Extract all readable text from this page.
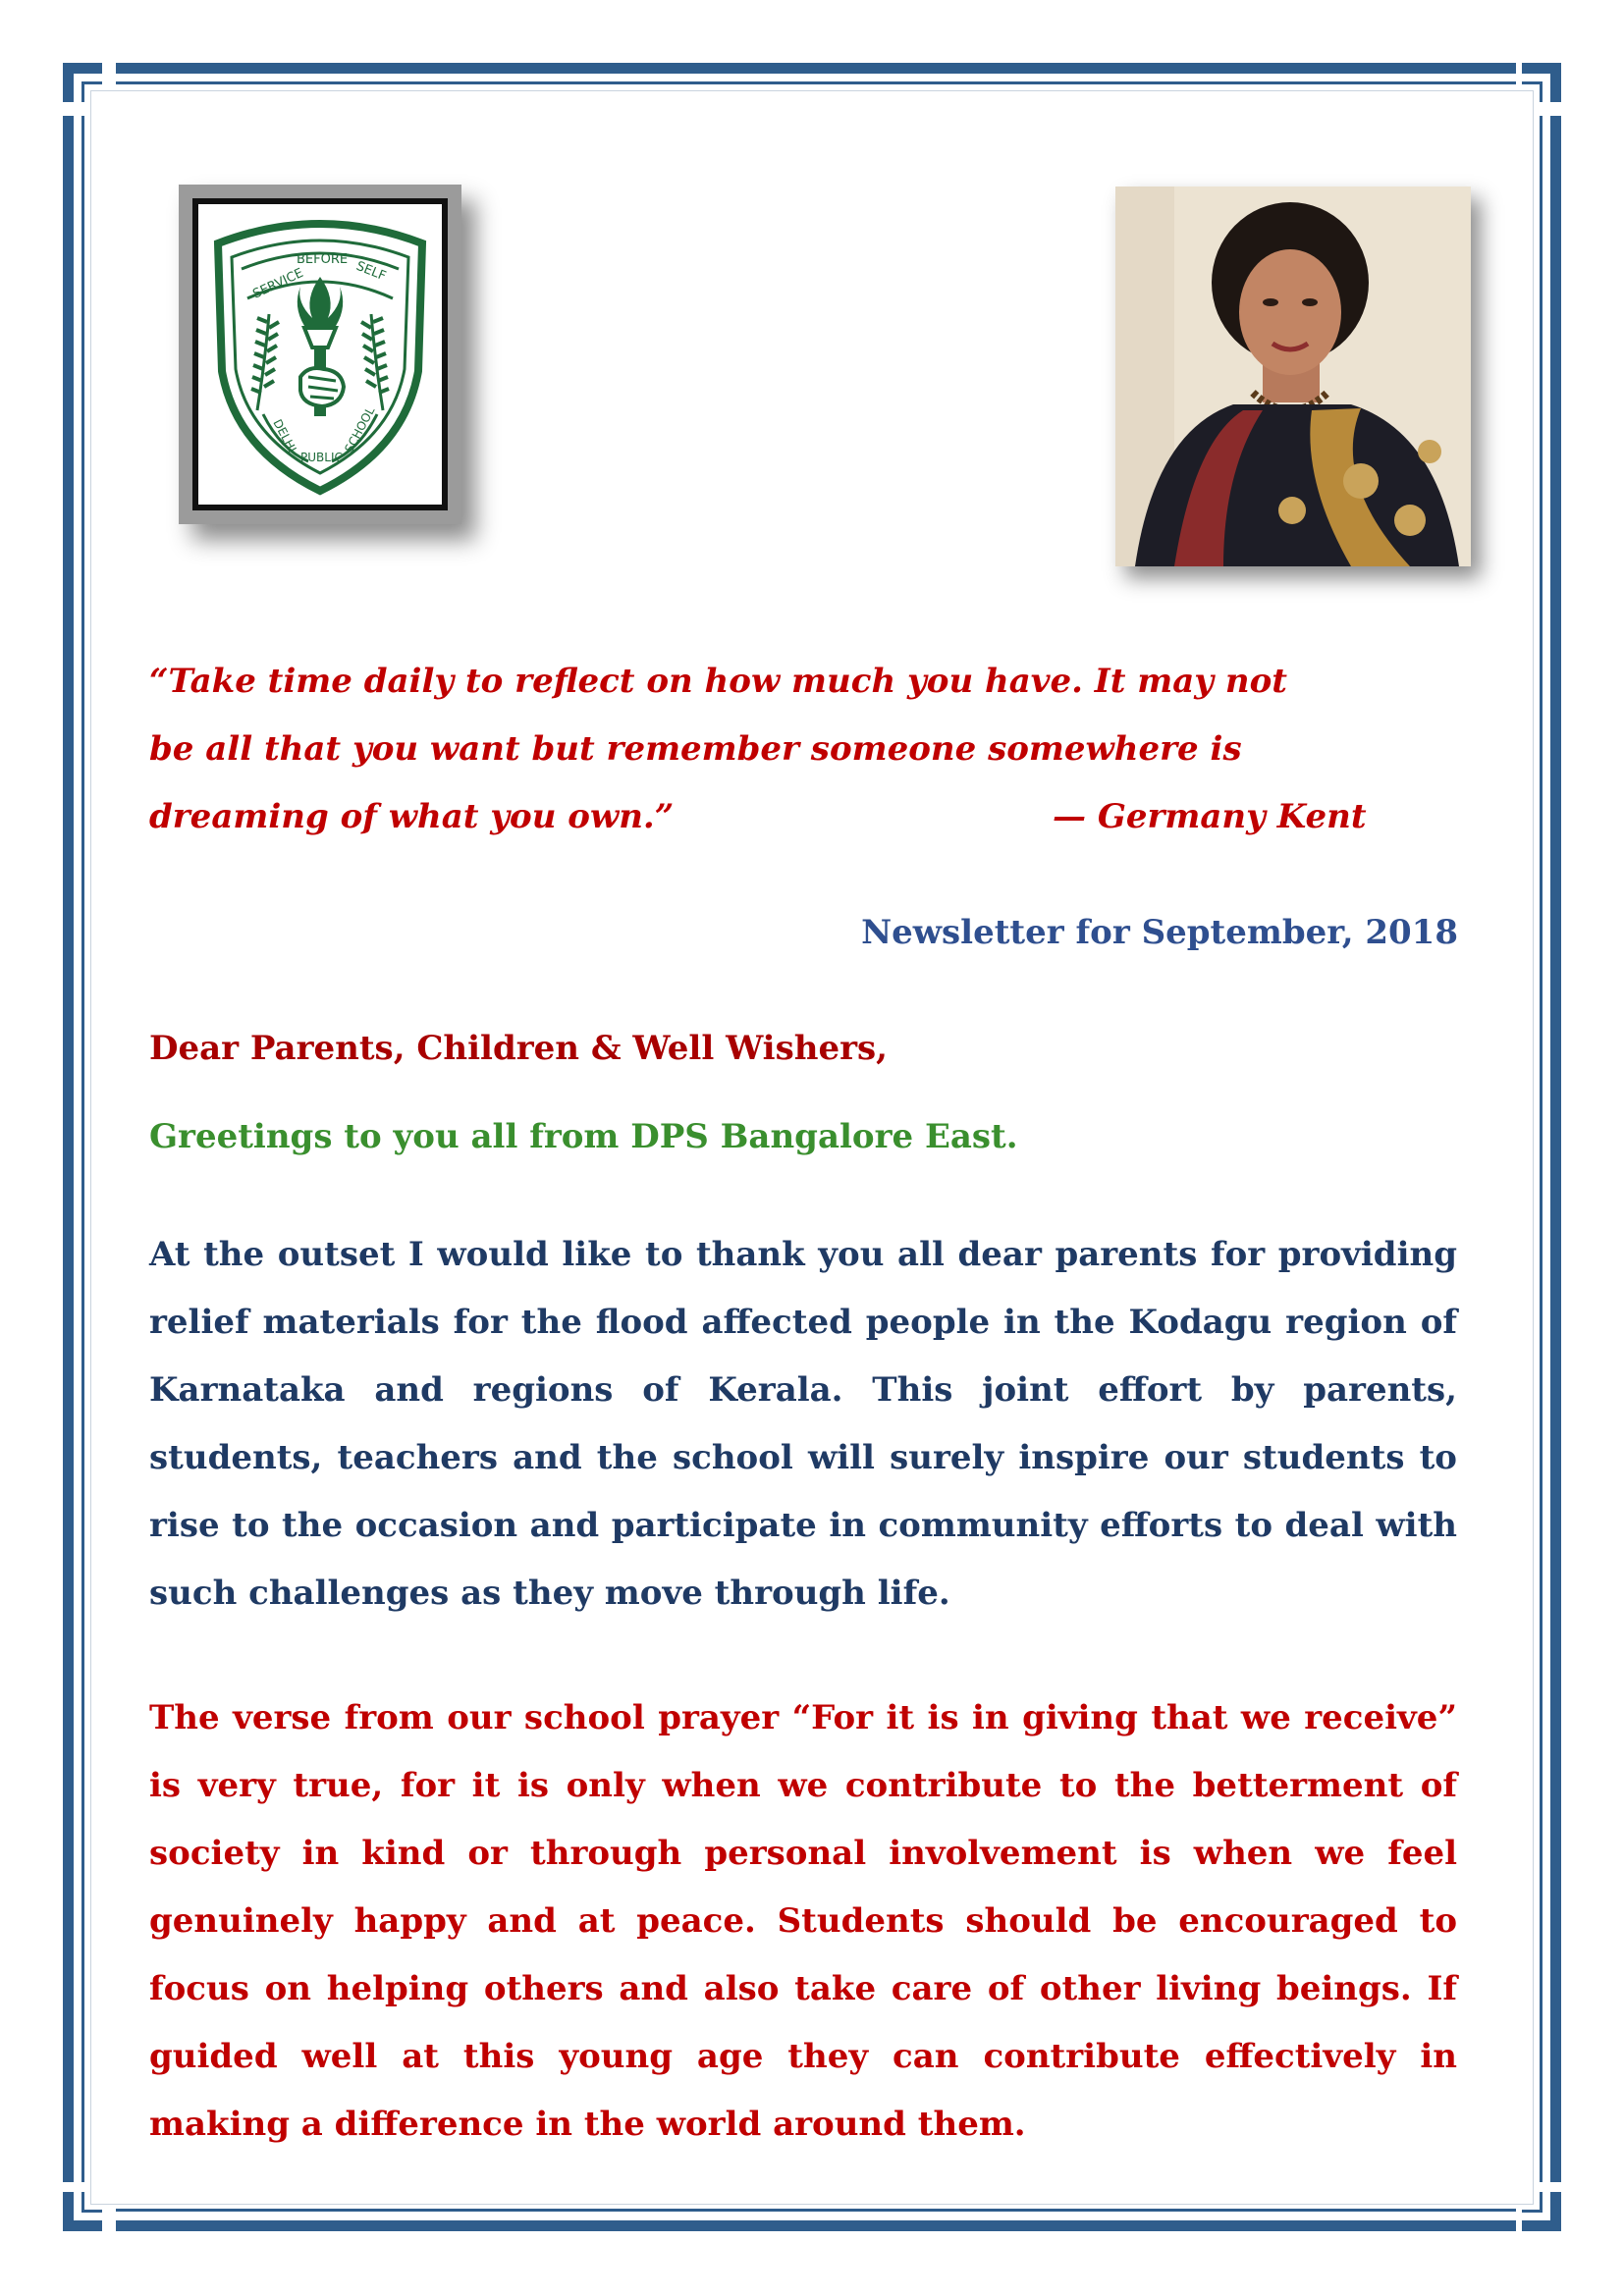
SERVICE
BEFORE SELF
DELHI
PUBLIC
SCHOOL
“Take time daily to reflect on how much you have. It may not
be all that you want but remember someone somewhere is
dreaming of what you own.”	— Germany Kent
Newsletter for September, 2018
Dear Parents, Children & Well Wishers,
Greetings to you all from DPS Bangalore East.
At the outset I would like to thank you all dear parents for providing relief materials for the flood affected people in the Kodagu region of Karnataka and regions of Kerala. This joint effort by parents, students, teachers and the school will surely inspire our students to rise to the occasion and participate in community efforts to deal with such challenges as they move through life.
The verse from our school prayer “For it is in giving that we receive” is very true, for it is only when we contribute to the betterment of society in kind or through personal involvement is when we feel genuinely happy and at peace. Students should be encouraged to focus on helping others and also take care of other living beings. If guided well at this young age they can contribute effectively in making a difference in the world around them.
